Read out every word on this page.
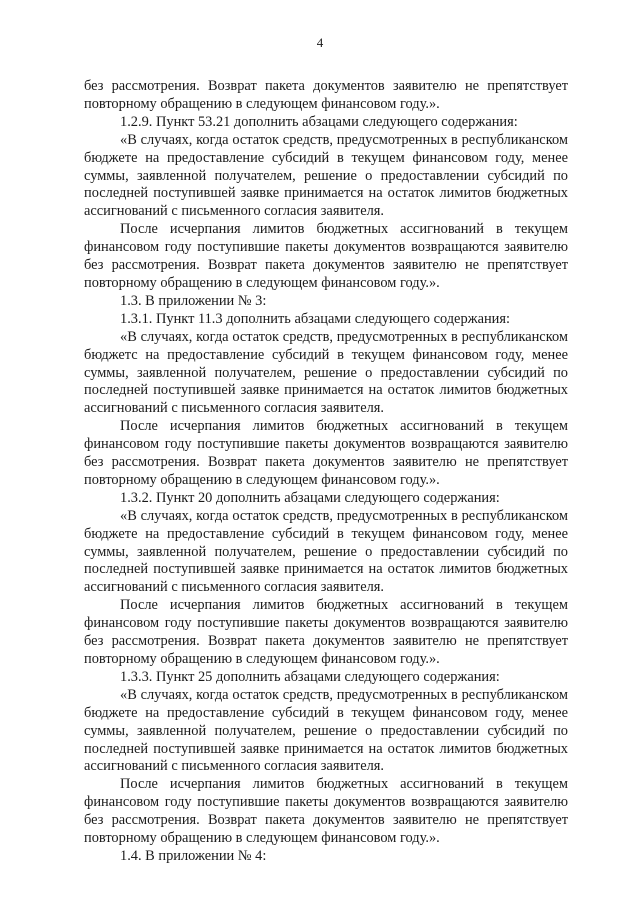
4

без рассмотрения. Возврат пакета документов заявителю не препятствует повторному обращению в следующем финансовом году.».

1.2.9. Пункт 53.21 дополнить абзацами следующего содержания:

«В случаях, когда остаток средств, предусмотренных в республиканском бюджете на предоставление субсидий в текущем финансовом году, менее суммы, заявленной получателем, решение о предоставлении субсидий по последней поступившей заявке принимается на остаток лимитов бюджетных ассигнований с письменного согласия заявителя.

После исчерпания лимитов бюджетных ассигнований в текущем финансовом году поступившие пакеты документов возвращаются заявителю без рассмотрения. Возврат пакета документов заявителю не препятствует повторному обращению в следующем финансовом году.».

1.3. В приложении № 3:

1.3.1. Пункт 11.3 дополнить абзацами следующего содержания:

«В случаях, когда остаток средств, предусмотренных в республиканском бюджетс на предоставление субсидий в текущем финансовом году, менее суммы, заявленной получателем, решение о предоставлении субсидий по последней поступившей заявке принимается на остаток лимитов бюджетных ассигнований с письменного согласия заявителя.

После исчерпания лимитов бюджетных ассигнований в текущем финансовом году поступившие пакеты документов возвращаются заявителю без рассмотрения. Возврат пакета документов заявителю не препятствует повторному обращению в следующем финансовом году.».

1.3.2. Пункт 20 дополнить абзацами следующего содержания:

«В случаях, когда остаток средств, предусмотренных в республиканском бюджете на предоставление субсидий в текущем финансовом году, менее суммы, заявленной получателем, решение о предоставлении субсидий по последней поступившей заявке принимается на остаток лимитов бюджетных ассигнований с письменного согласия заявителя.

После исчерпания лимитов бюджетных ассигнований в текущем финансовом году поступившие пакеты документов возвращаются заявителю без рассмотрения. Возврат пакета документов заявителю не препятствует повторному обращению в следующем финансовом году.».

1.3.3. Пункт 25 дополнить абзацами следующего содержания:

«В случаях, когда остаток средств, предусмотренных в республиканском бюджете на предоставление субсидий в текущем финансовом году, менее суммы, заявленной получателем, решение о предоставлении субсидий по последней поступившей заявке принимается на остаток лимитов бюджетных ассигнований с письменного согласия заявителя.

После исчерпания лимитов бюджетных ассигнований в текущем финансовом году поступившие пакеты документов возвращаются заявителю без рассмотрения. Возврат пакета документов заявителю не препятствует повторному обращению в следующем финансовом году.».

1.4. В приложении № 4:
